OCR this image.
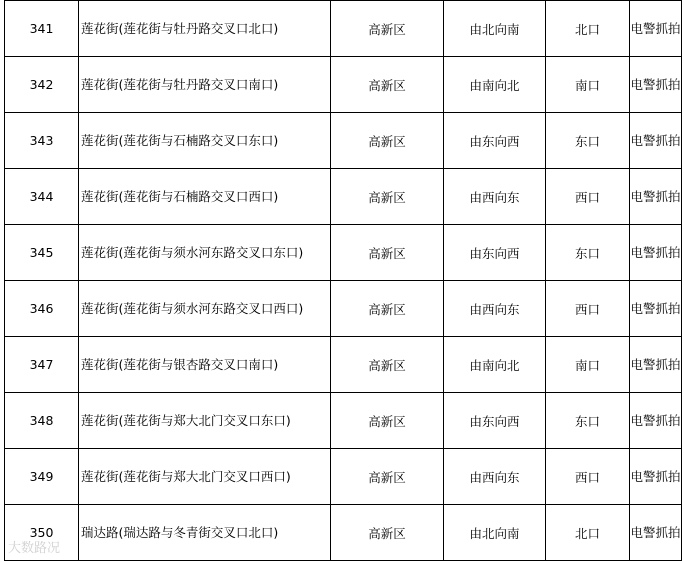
341	莲花街(莲花街与牡丹路交叉口北口)	高新区	由北向南	北口	电警抓拍
342	莲花街(莲花街与牡丹路交叉口南口)	高新区	由南向北	南口	电警抓拍
343	莲花街(莲花街与石楠路交叉口东口)	高新区	由东向西	东口	电警抓拍
344	莲花街(莲花街与石楠路交叉口西口)	高新区	由西向东	西口	电警抓拍
345	莲花街(莲花街与须水河东路交叉口东口)	高新区	由东向西	东口	电警抓拍
346	莲花街(莲花街与须水河东路交叉口西口)	高新区	由西向东	西口	电警抓拍
347	莲花街(莲花街与银杏路交叉口南口)	高新区	由南向北	南口	电警抓拍
348	莲花街(莲花街与郑大北门交叉口东口)	高新区	由东向西	东口	电警抓拍
349	莲花街(莲花街与郑大北门交叉口西口)	高新区	由西向东	西口	电警抓拍
350	瑞达路(瑞达路与冬青街交叉口北口)	高新区	由北向南	北口	电警抓拍
大数路况
